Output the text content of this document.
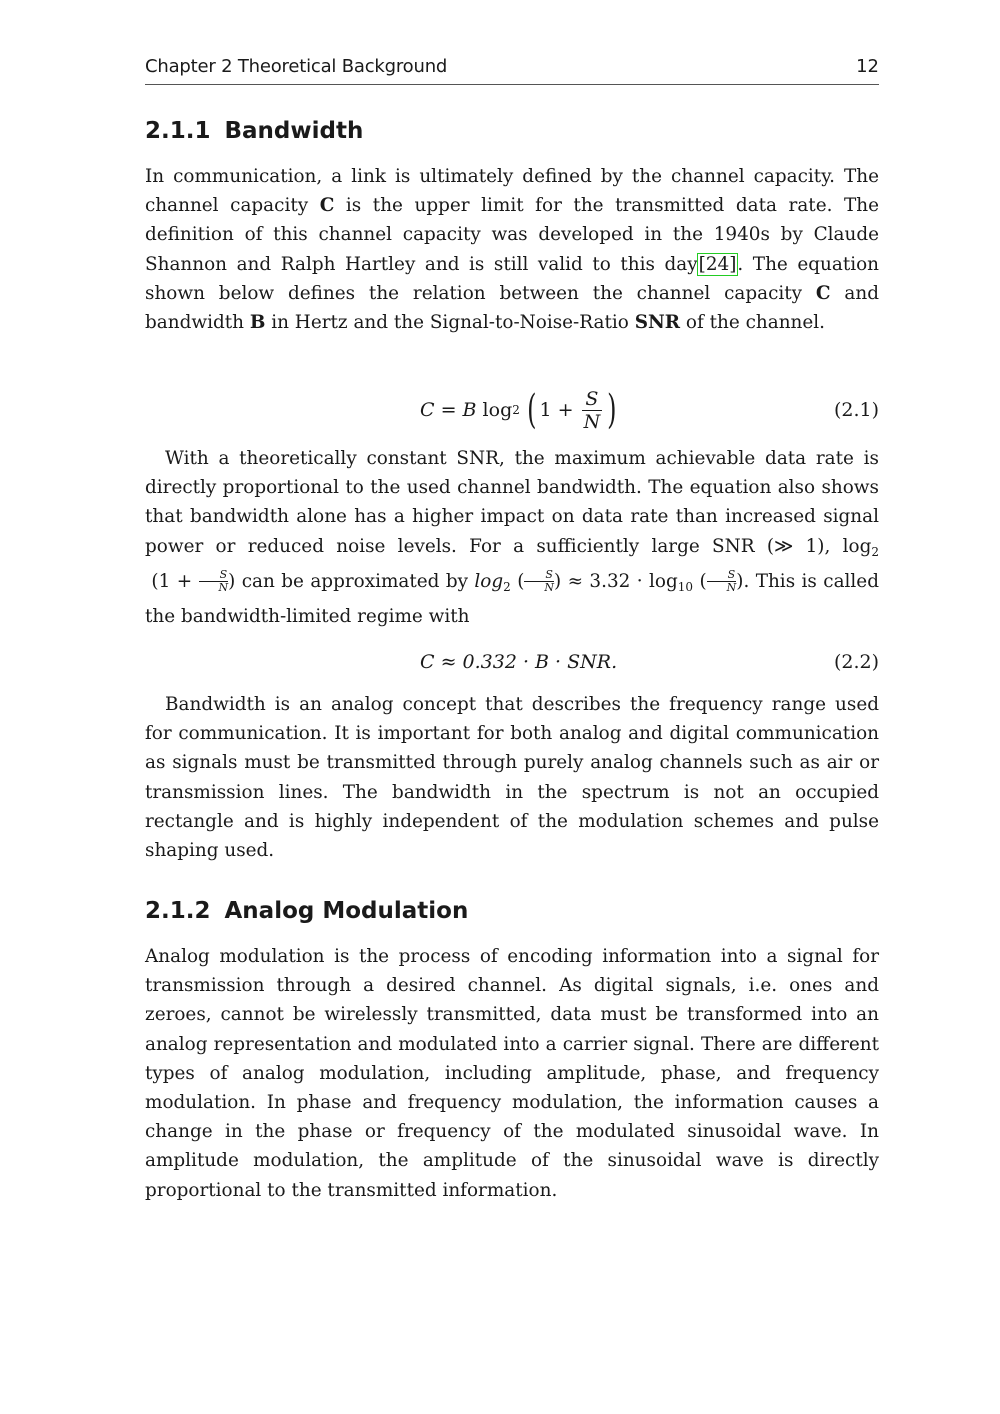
Chapter 2 Theoretical Background	12
2.1.1 Bandwidth

In communication, a link is ultimately defined by the channel capacity. The channel capacity C is the upper limit for the transmitted data rate. The definition of this channel capacity was developed in the 1940s by Claude Shannon and Ralph Hartley and is still valid to this day[24]. The equation shown below defines the relation between the channel capacity C and bandwidth B in Hertz and the Signal-to-Noise-Ratio SNR of the channel.

C = B log 2 ( $1 + \frac{S}{N}$ )	(2.1)

With a theoretically constant SNR, the maximum achievable data rate is directly proportional to the used channel bandwidth. The equation also shows that bandwidth alone has a higher impact on data rate than increased signal power or reduced noise levels. For a sufficiently large SNR (≫ 1), $\log_2 (1 + \frac{S}{N}$ ) can be approximated by $\log_2$ ( $\frac{S}{N}$ ) ≈ $3.32 \cdot \log_{10}$ ( $\frac{S}{N}$ ). This is called the bandwidth-limited regime with

C ≈ 0.332 · B · SNR.	(2.2)

Bandwidth is an analog concept that describes the frequency range used for communication. It is important for both analog and digital communication as signals must be transmitted through purely analog channels such as air or transmission lines. The bandwidth in the spectrum is not an occupied rectangle and is highly independent of the modulation schemes and pulse shaping used.

2.1.2 Analog Modulation

Analog modulation is the process of encoding information into a signal for transmission through a desired channel. As digital signals, i.e. ones and zeroes, cannot be wirelessly transmitted, data must be transformed into an analog representation and modulated into a carrier signal. There are different types of analog modulation, including amplitude, phase, and frequency modulation. In phase and frequency modulation, the information causes a change in the phase or frequency of the modulated sinusoidal wave. In amplitude modulation, the amplitude of the sinusoidal wave is directly proportional to the transmitted information.
